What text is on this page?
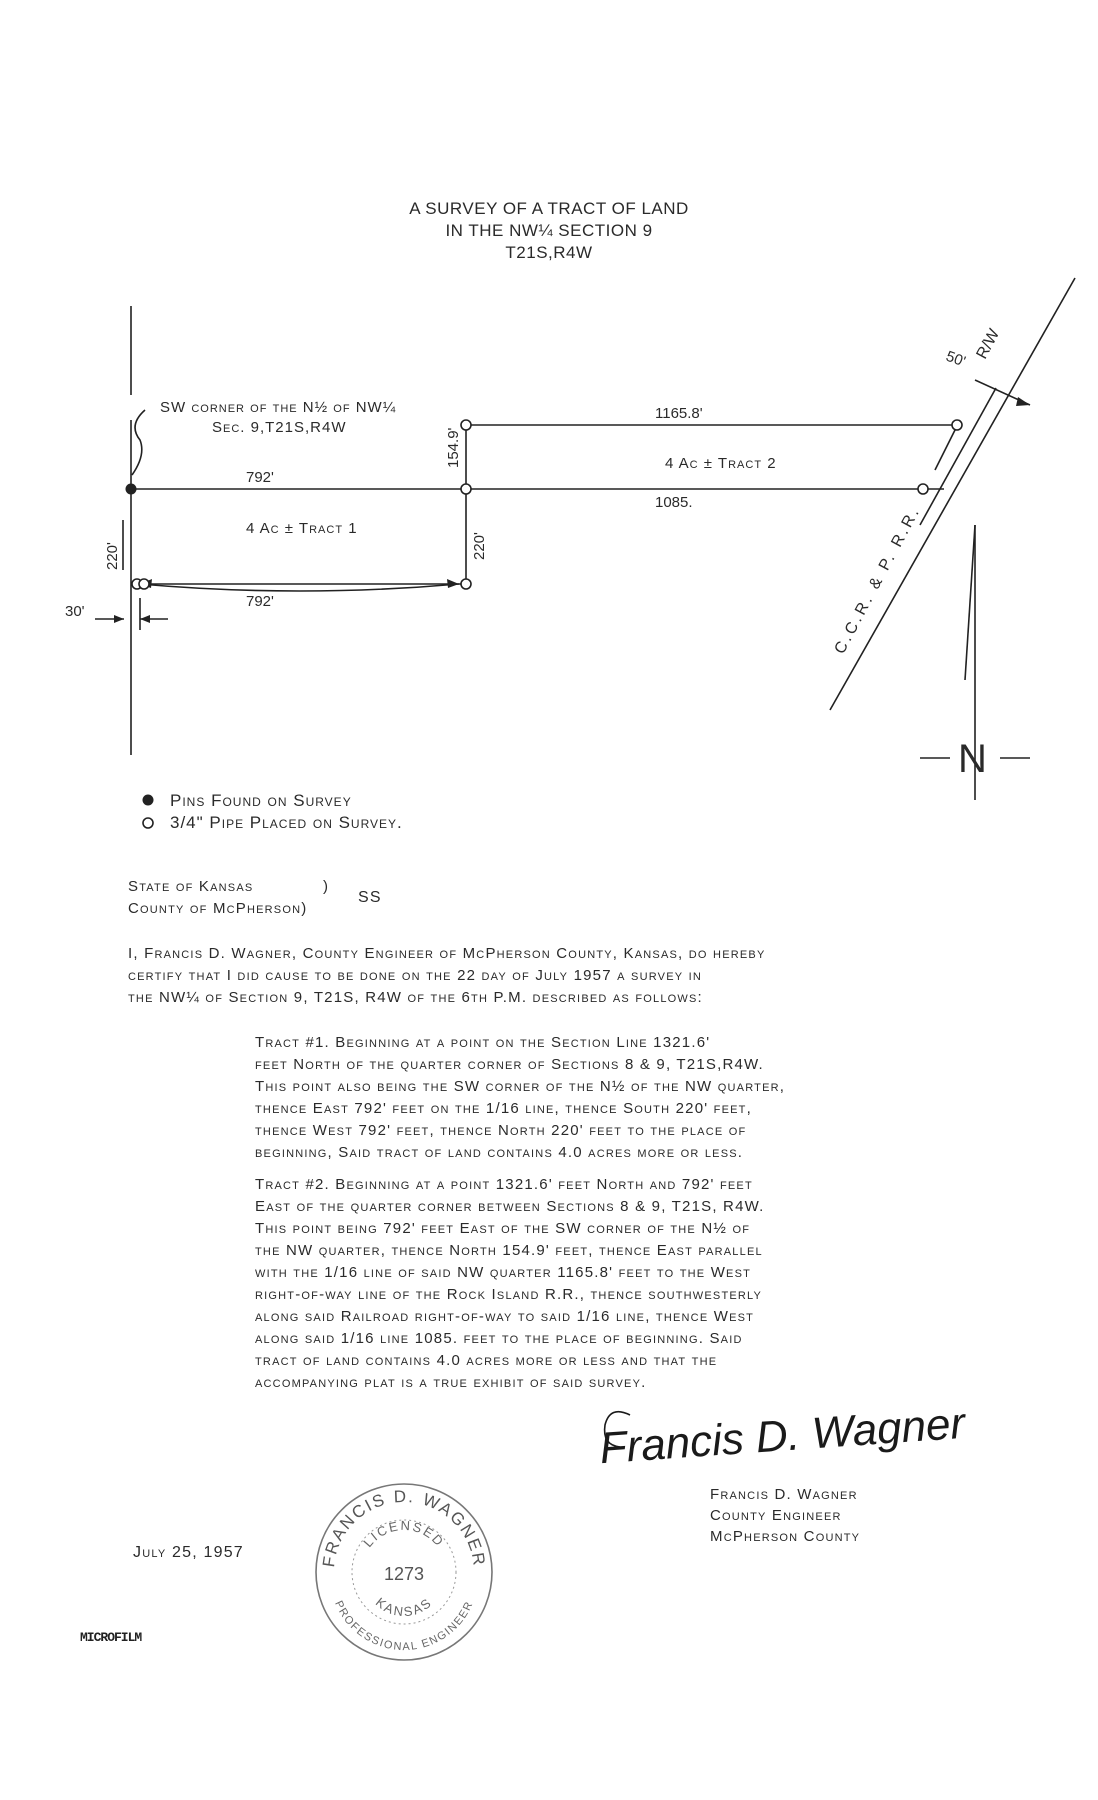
A SURVEY OF A TRACT OF LAND
IN THE NW¼ SECTION 9
T21S,R4W
SW corner of the N½ of NW¼
Sec. 9,T21S,R4W
792'
792'
1165.8'
1085.
4 Ac ± Tract 1
4 Ac ± Tract 2
30'
50'
154.9'
220'	220'
R/W
C.C.R. & P. R.R.
N
Pins Found on Survey
3/4" Pipe Placed on Survey.
State of Kansas	)
County of McPherson)
SS
I, Francis D. Wagner, County Engineer of McPherson County, Kansas, do hereby
certify that I did cause to be done on the 22 day of July 1957 a survey in
the NW¼ of Section 9, T21S, R4W of the 6th P.M. described as follows:
Tract #1. Beginning at a point on the Section Line 1321.6'
feet North of the quarter corner of Sections 8 & 9, T21S,R4W.
This point also being the SW corner of the N½ of the NW quarter,
thence East 792' feet on the 1/16 line, thence South 220' feet,
thence West 792' feet, thence North 220' feet to the place of
beginning, Said tract of land contains 4.0 acres more or less.
Tract #2. Beginning at a point 1321.6' feet North and 792' feet
East of the quarter corner between Sections 8 & 9, T21S, R4W.
This point being 792' feet East of the SW corner of the N½ of
the NW quarter, thence North 154.9' feet, thence East parallel
with the 1/16 line of said NW quarter 1165.8' feet to the West
right-of-way line of the Rock Island R.R., thence southwesterly
along said Railroad right-of-way to said 1/16 line, thence West
along said 1/16 line 1085. feet to the place of beginning. Said
tract of land contains 4.0 acres more or less and that the
accompanying plat is a true exhibit of said survey.
Francis D. Wagner
Francis D. Wagner
County Engineer
McPherson County
July 25, 1957	FRANCIS D. WAGNER
PROFESSIONAL ENGINEER
LICENSED
KANSAS
1273
MICROFILM
